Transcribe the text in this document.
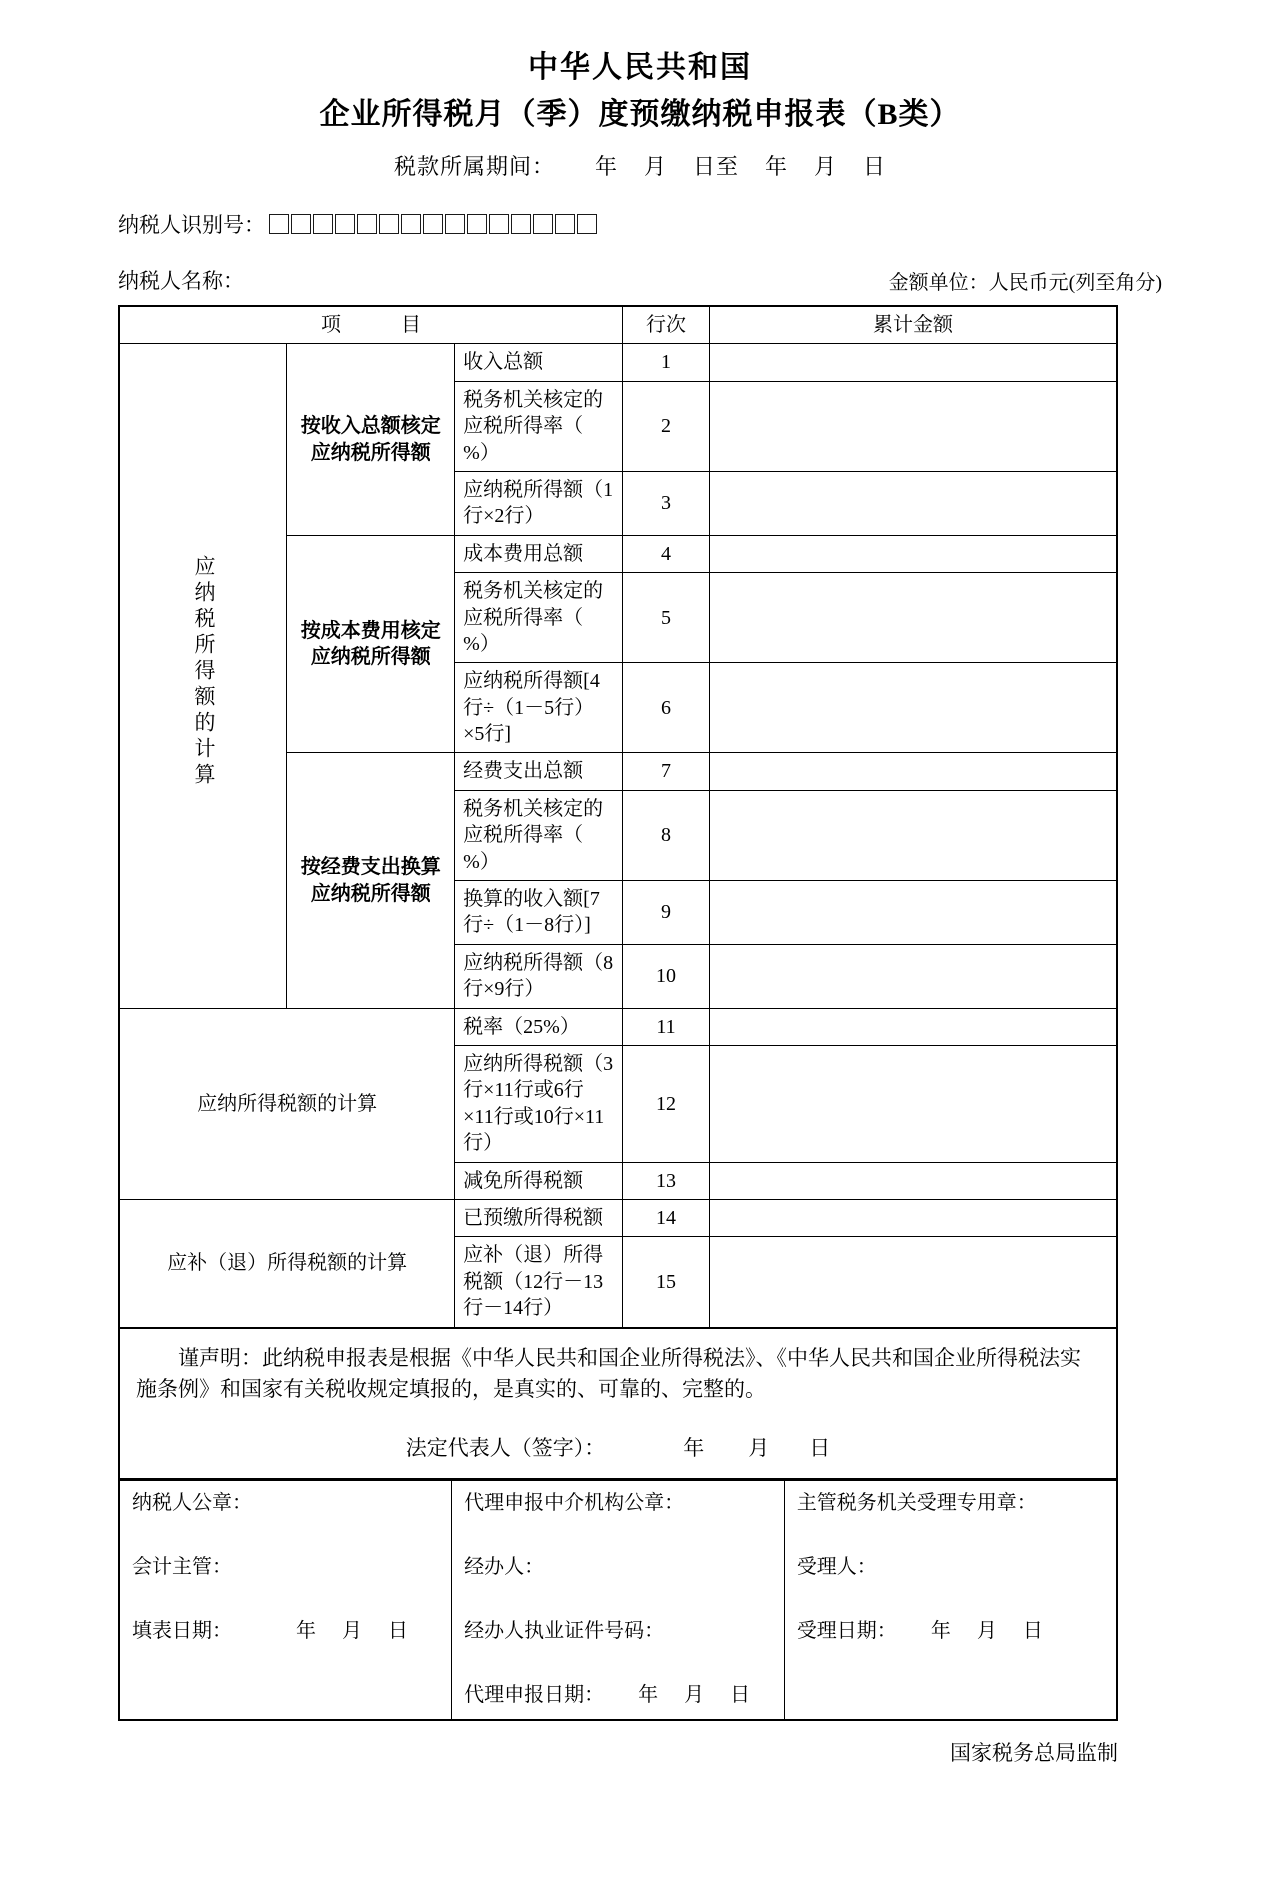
中华人民共和国
企业所得税月（季）度预缴纳税申报表（B类）
税款所属期间： 年 月 日至 年 月 日
纳税人识别号：
纳税人名称：	金额单位：人民币元(列至角分)
项　　　目			行次	累计金额
应纳税所得额的计算	按收入总额核定应纳税所得额	收入总额	1	
		税务机关核定的应税所得率（ %）	2	
		应纳税所得额（1行×2行）	3	
	按成本费用核定应纳税所得额	成本费用总额	4	
		税务机关核定的应税所得率（ %）	5	
		应纳税所得额[4行÷（1－5行）×5行]	6	
	按经费支出换算应纳税所得额	经费支出总额	7	
		税务机关核定的应税所得率（ %）	8	
		换算的收入额[7行÷（1－8行）]	9	
		应纳税所得额（8行×9行）	10	
应纳所得税额的计算		税率（25%）	11	
		应纳所得税额（3行×11行或6行×11行或10行×11行）	12	
		减免所得税额	13	
应补（退）所得税额的计算		已预缴所得税额	14	
		应补（退）所得税额（12行－13行－14行）	15	
谨声明：此纳税申报表是根据《中华人民共和国企业所得税法》、《中华人民共和国企业所得税法实施条例》和国家有关税收规定填报的，是真实的、可靠的、完整的。
法定代表人（签字）：	年 月 日
纳税人公章：
会计主管：
填表日期：	年 月 日

代理申报中介机构公章：
经办人：
经办人执业证件号码：
代理申报日期： 年 月 日

主管税务机关受理专用章：
受理人：
受理日期： 年 月 日
国家税务总局监制
